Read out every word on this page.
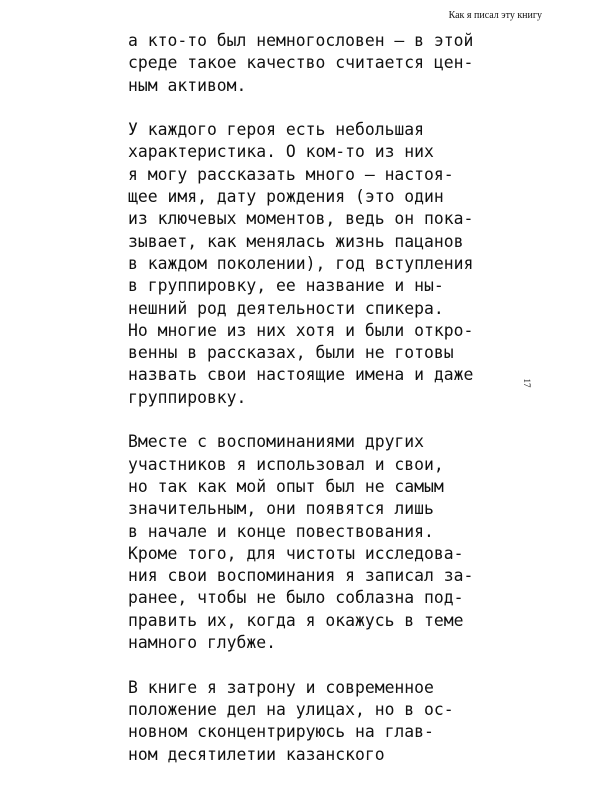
Как я писал эту книгу
17

а кто-то был немногословен — в этой
среде такое качество считается цен-
ным активом.

У каждого героя есть небольшая
характеристика. О ком-то из них
я могу рассказать много — настоя-
щее имя, дату рождения (это один
из ключевых моментов, ведь он пока-
зывает, как менялась жизнь пацанов
в каждом поколении), год вступления
в группировку, ее название и ны-
нешний род деятельности спикера.
Но многие из них хотя и были откро-
венны в рассказах, были не готовы
назвать свои настоящие имена и даже
группировку.

Вместе с воспоминаниями других
участников я использовал и свои,
но так как мой опыт был не самым
значительным, они появятся лишь
в начале и конце повествования.
Кроме того, для чистоты исследова-
ния свои воспоминания я записал за-
ранее, чтобы не было соблазна под-
править их, когда я окажусь в теме
намного глубже.

В книге я затрону и современное
положение дел на улицах, но в ос-
новном сконцентрируюсь на глав-
ном десятилетии казанского
